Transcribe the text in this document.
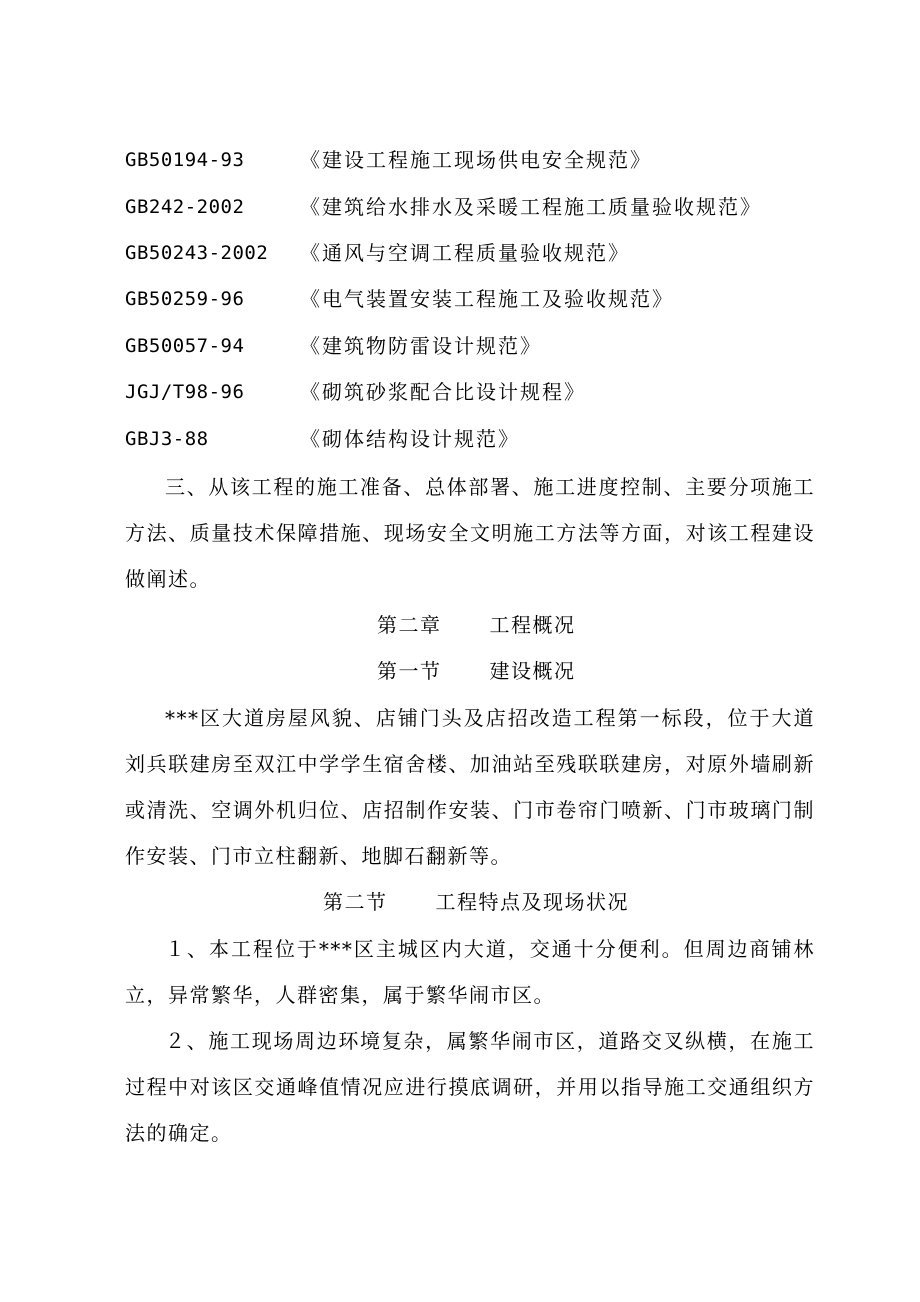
GB50194-93	《建设工程施工现场供电安全规范》
GB242-2002	《建筑给水排水及采暖工程施工质量验收规范》
GB50243-2002 《通风与空调工程质量验收规范》
GB50259-96	《电气装置安装工程施工及验收规范》
GB50057-94	《建筑物防雷设计规范》
JGJ/T98-96	《砌筑砂浆配合比设计规程》
GBJ3-88	《砌体结构设计规范》
三、从该工程的施工准备、总体部署、施工进度控制、主要分项施工方法、质量技术保障措施、现场安全文明施工方法等方面，对该工程建设做阐述。
第二章 工程概况
第一节 建设概况
***区大道房屋风貌、店铺门头及店招改造工程第一标段，位于大道刘兵联建房至双江中学学生宿舍楼、加油站至残联联建房，对原外墙刷新或清洗、空调外机归位、店招制作安装、门市卷帘门喷新、门市玻璃门制作安装、门市立柱翻新、地脚石翻新等。
第二节 工程特点及现场状况
１、本工程位于***区主城区内大道，交通十分便利。但周边商铺林立，异常繁华，人群密集，属于繁华闹市区。
２、施工现场周边环境复杂，属繁华闹市区，道路交叉纵横，在施工过程中对该区交通峰值情况应进行摸底调研，并用以指导施工交通组织方法的确定。
